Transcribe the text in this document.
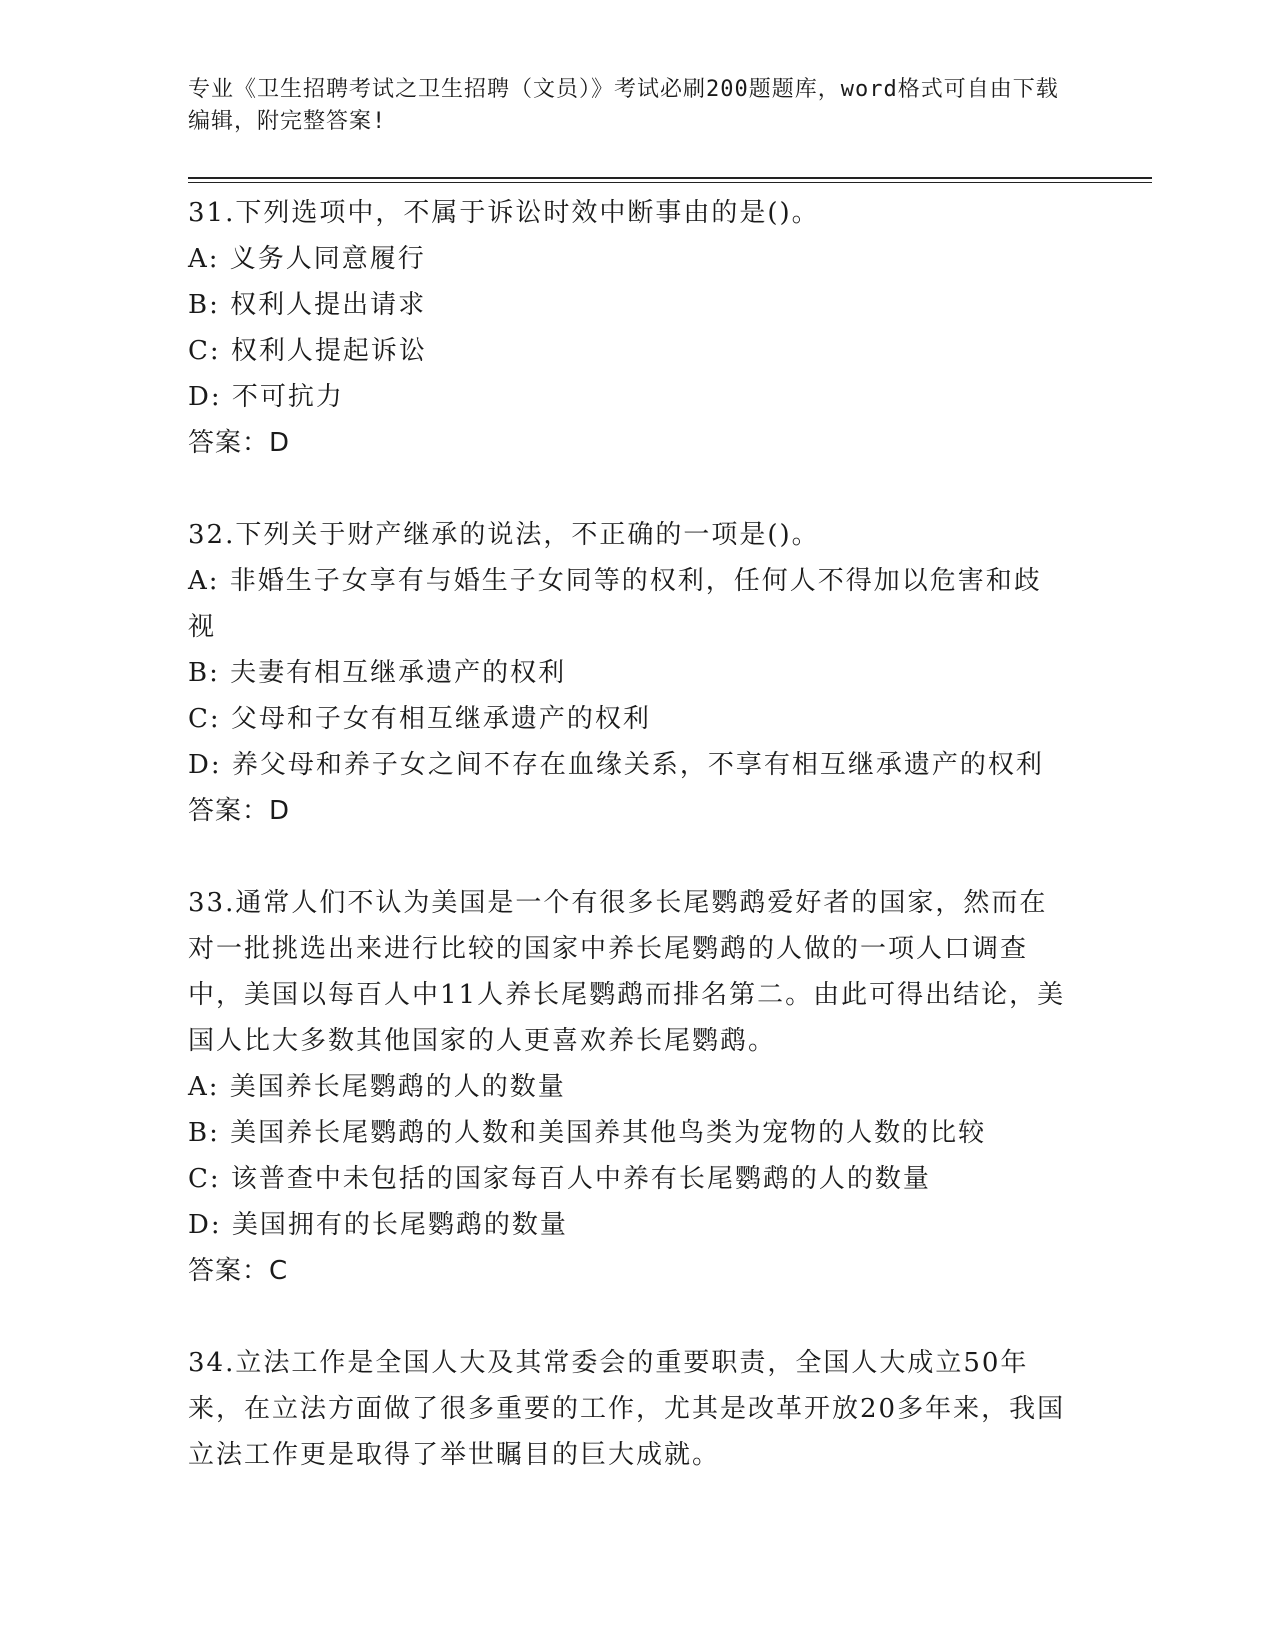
专业《卫生招聘考试之卫生招聘（文员）》考试必刷200题题库，word格式可自由下载编辑，附完整答案!

31.下列选项中，不属于诉讼时效中断事由的是()。

A: 义务人同意履行

B: 权利人提出请求

C: 权利人提起诉讼

D: 不可抗力

答案：D

32.下列关于财产继承的说法，不正确的一项是()。

A: 非婚生子女享有与婚生子女同等的权利，任何人不得加以危害和歧视

B: 夫妻有相互继承遗产的权利

C: 父母和子女有相互继承遗产的权利

D: 养父母和养子女之间不存在血缘关系，不享有相互继承遗产的权利

答案：D

33.通常人们不认为美国是一个有很多长尾鹦鹉爱好者的国家，然而在对一批挑选出来进行比较的国家中养长尾鹦鹉的人做的一项人口调查中，美国以每百人中11人养长尾鹦鹉而排名第二。由此可得出结论，美国人比大多数其他国家的人更喜欢养长尾鹦鹉。

A: 美国养长尾鹦鹉的人的数量

B: 美国养长尾鹦鹉的人数和美国养其他鸟类为宠物的人数的比较

C: 该普查中未包括的国家每百人中养有长尾鹦鹉的人的数量

D: 美国拥有的长尾鹦鹉的数量

答案：C

34.立法工作是全国人大及其常委会的重要职责，全国人大成立50年来，在立法方面做了很多重要的工作，尤其是改革开放20多年来，我国立法工作更是取得了举世瞩目的巨大成就。
